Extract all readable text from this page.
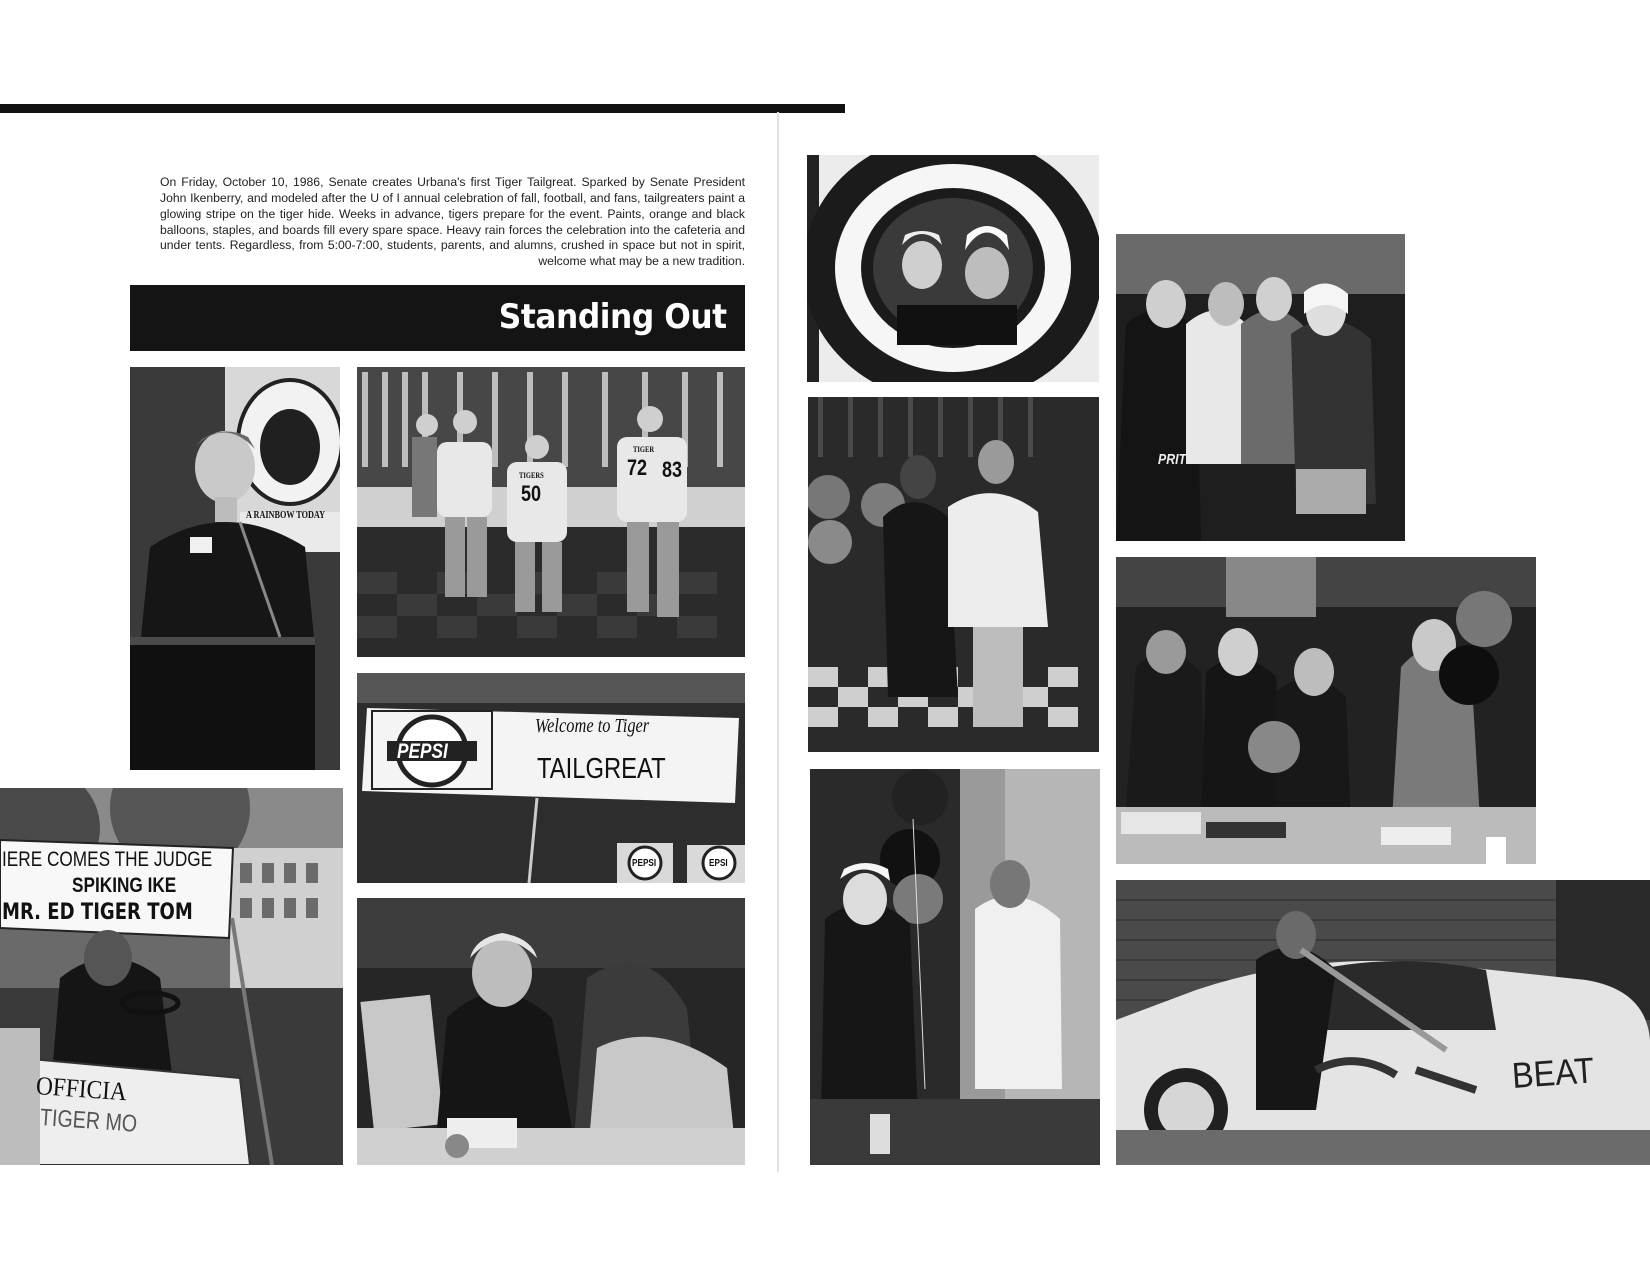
On Friday, October 10, 1986, Senate creates Urbana's first Tiger Tailgreat. Sparked by Senate President John Ikenberry, and modeled after the U of I annual celebration of fall, football, and fans, tailgreaters paint a glowing stripe on the tiger hide. Weeks in advance, tigers prepare for the event. Paints, orange and black balloons, staples, and boards fill every spare space. Heavy rain forces the celebration into the cafeteria and under tents. Regardless, from 5:00-7:00, students, parents, and alumns, crushed in space but not in spirit, welcome what may be a new tradition.

Standing Out
A RAINBOW TODAY
TIGERS
50
TIGER
72 83
PEPSI
Welcome to Tiger
TAILGREAT
PEPSI	EPSI
IERE COMES THE JUDGE
SPIKING IKE
MR. ED TIGER TOM
OFFICIA
TIGER MO
PRIT
BEAT
